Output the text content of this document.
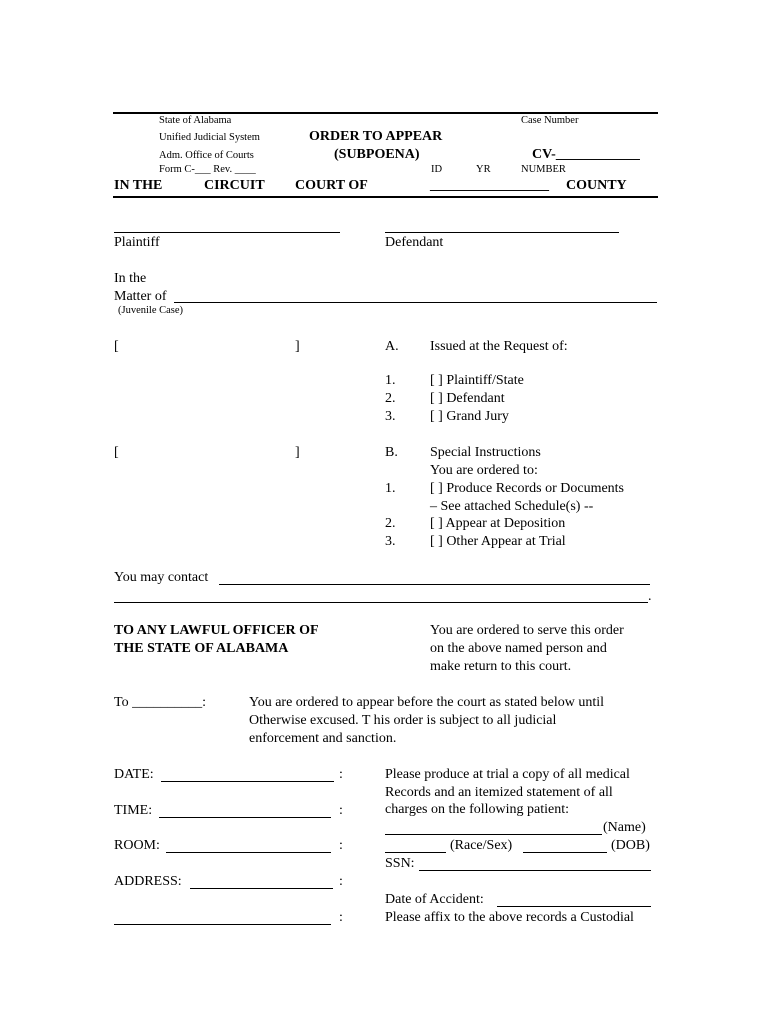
State of Alabama
Unified Judicial System
Adm. Office of Courts
Form C-___ Rev. ____
ORDER TO APPEAR
(SUBPOENA)
Case Number
CV-____________
ID	YR	NUMBER
IN THE	CIRCUIT COURT OF	_________________ COUNTY
Plaintiff	Defendant
In the
Matter of
(Juvenile Case)
[	]	A. Issued at the Request of:
1. [ ] Plaintiff/State
2. [ ] Defendant
3. [ ] Grand Jury
[	]	B. Special Instructions
You are ordered to:
1. [ ] Produce Records or Documents
– See attached Schedule(s) --
2. [ ] Appear at Deposition
3. [ ] Other Appear at Trial
You may contact
.
TO ANY LAWFUL OFFICER OF
THE STATE OF ALABAMA
You are ordered to serve this order
on the above named person and
make return to this court.
To __________:	You are ordered to appear before the court as stated below until
Otherwise excused. T his order is subject to all judicial
enforcement and sanction.
DATE:	:
TIME:	:
ROOM:	:
ADDRESS:	:
:
Please produce at trial a copy of all medical
Records and an itemized statement of all
charges on the following patient:
(Name)
(Race/Sex)	(DOB)
SSN:
Date of Accident:
Please affix to the above records a Custodial
